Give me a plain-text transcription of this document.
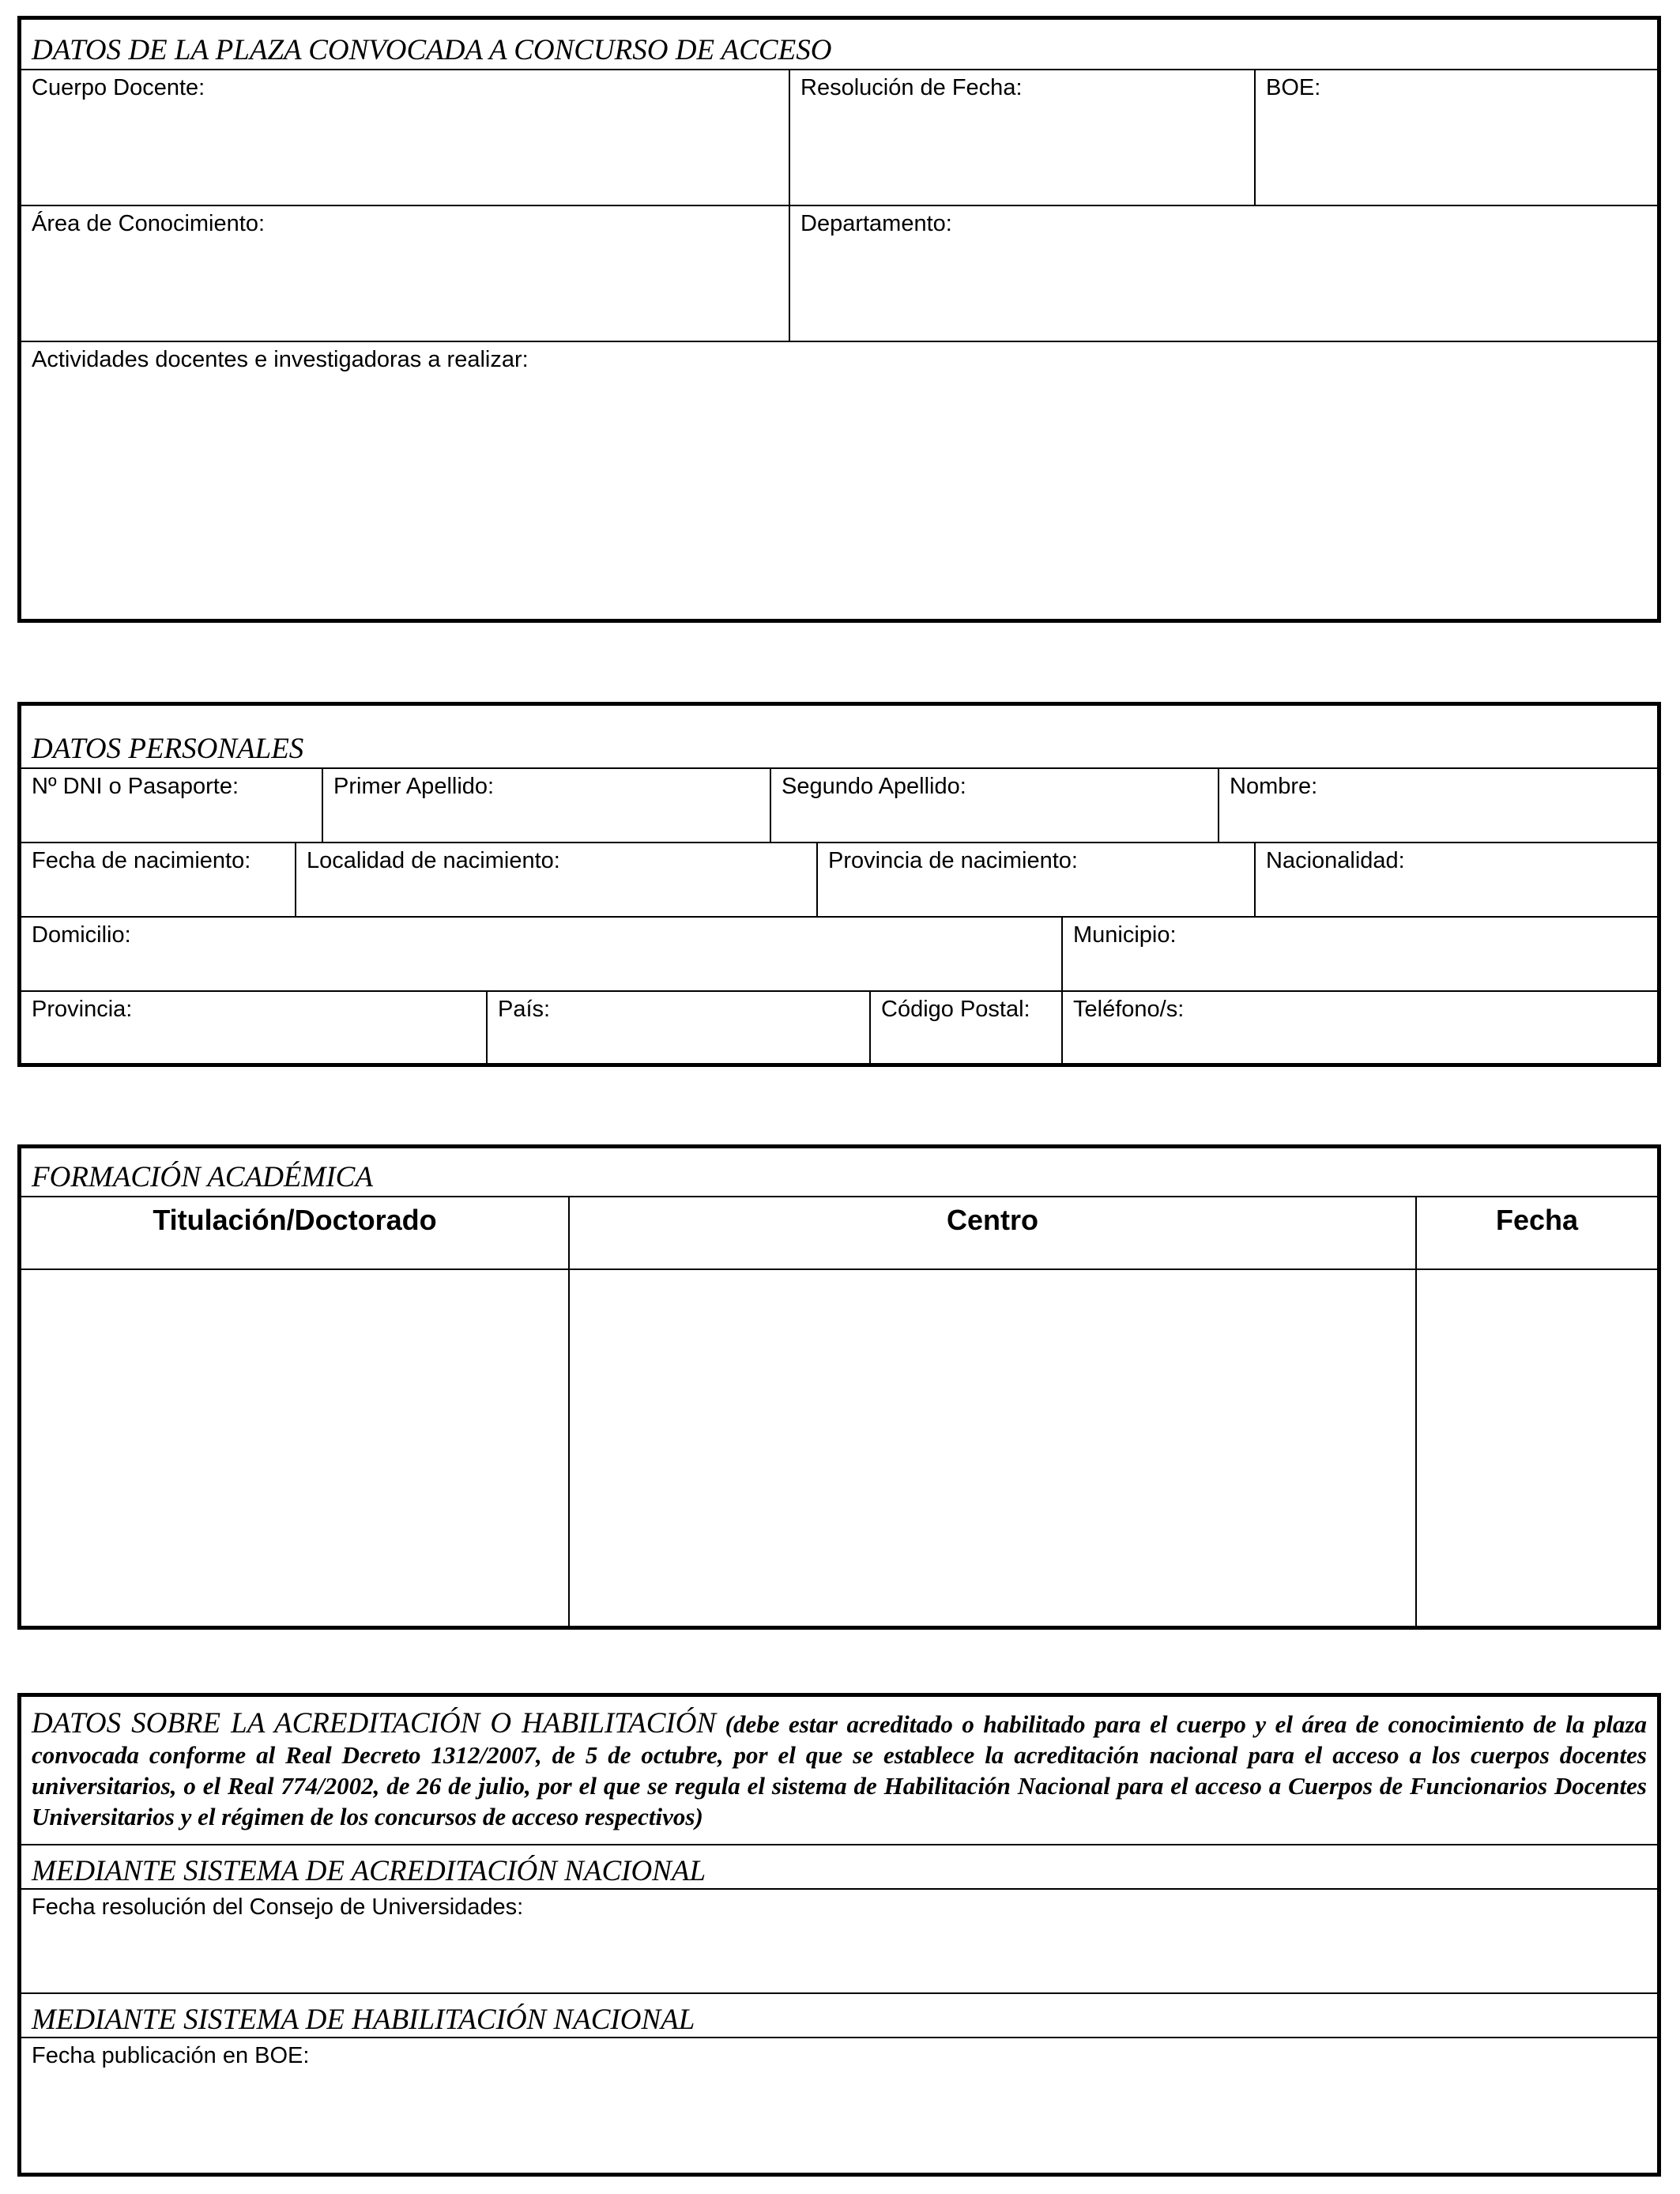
DATOS DE LA PLAZA CONVOCADA A CONCURSO DE ACCESO
Cuerpo Docente:	Resolución de Fecha:	BOE:
Área de Conocimiento:	Departamento:
Actividades docentes e investigadoras a realizar:
DATOS PERSONALES
Nº DNI o Pasaporte:	Primer Apellido:	Segundo Apellido:	Nombre:
Fecha de nacimiento: Localidad de nacimiento:	Provincia de nacimiento:	Nacionalidad:
Domicilio:	Municipio:
Provincia:	País:	Código Postal: Teléfono/s:
FORMACIÓN ACADÉMICA
Titulación/Doctorado	Centro	Fecha
DATOS SOBRE LA ACREDITACIÓN O HABILITACIÓN (debe estar acreditado o habilitado para el cuerpo y el área de conocimiento de la plaza convocada conforme al Real Decreto 1312/2007, de 5 de octubre, por el que se establece la acreditación nacional para el acceso a los cuerpos docentes universitarios, o el Real 774/2002, de 26 de julio, por el que se regula el sistema de Habilitación Nacional para el acceso a Cuerpos de Funcionarios Docentes Universitarios y el régimen de los concursos de acceso respectivos)
MEDIANTE SISTEMA DE ACREDITACIÓN NACIONAL
Fecha resolución del Consejo de Universidades:
MEDIANTE SISTEMA DE HABILITACIÓN NACIONAL
Fecha publicación en BOE:
